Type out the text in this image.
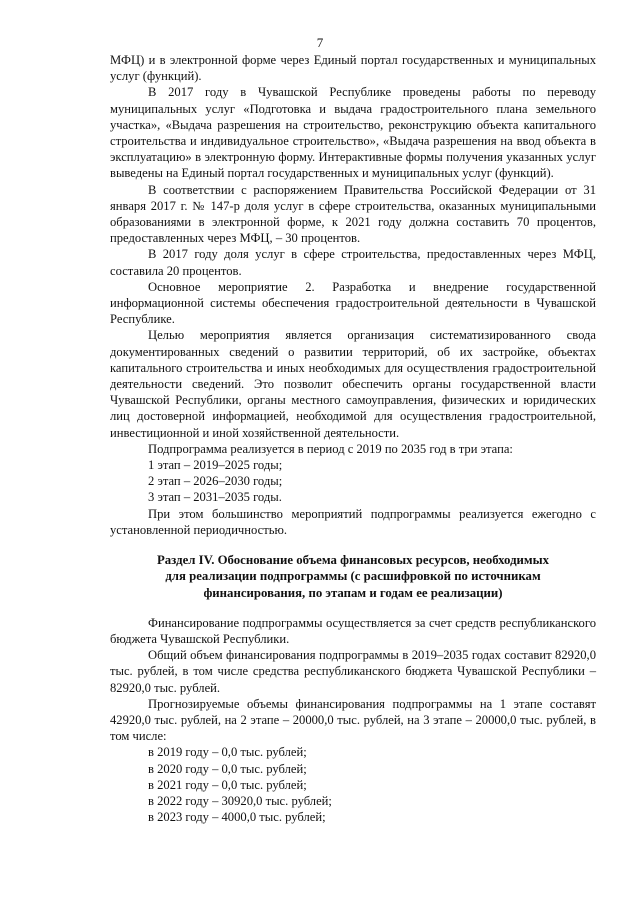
7

МФЦ) и в электронной форме через Единый портал государственных и муниципальных услуг (функций).

В 2017 году в Чувашской Республике проведены работы по переводу муниципальных услуг «Подготовка и выдача градостроительного плана земельного участка», «Выдача разрешения на строительство, реконструкцию объекта капитального строительства и индивидуальное строительство», «Выдача разрешения на ввод объекта в эксплуатацию» в электронную форму. Интерактивные формы получения указанных услуг выведены на Единый портал государственных и муниципальных услуг (функций).

В соответствии с распоряжением Правительства Российской Федерации от 31 января 2017 г. № 147-р доля услуг в сфере строительства, оказанных муниципальными образованиями в электронной форме, к 2021 году должна составить 70 процентов, предоставленных через МФЦ, – 30 процентов.

В 2017 году доля услуг в сфере строительства, предоставленных через МФЦ, составила 20 процентов.

Основное мероприятие 2. Разработка и внедрение государственной информационной системы обеспечения градостроительной деятельности в Чувашской Республике.

Целью мероприятия является организация систематизированного свода документированных сведений о развитии территорий, об их застройке, объектах капитального строительства и иных необходимых для осуществления градостроительной деятельности сведений. Это позволит обеспечить органы государственной власти Чувашской Республики, органы местного самоуправления, физических и юридических лиц достоверной информацией, необходимой для осуществления градостроительной, инвестиционной и иной хозяйственной деятельности.

Подпрограмма реализуется в период с 2019 по 2035 год в три этапа:

1 этап – 2019–2025 годы;
2 этап – 2026–2030 годы;
3 этап – 2031–2035 годы.

При этом большинство мероприятий подпрограммы реализуется ежегодно с установленной периодичностью.

Раздел IV. Обоснование объема финансовых ресурсов, необходимых
для реализации подпрограммы (с расшифровкой по источникам
финансирования, по этапам и годам ее реализации)

Финансирование подпрограммы осуществляется за счет средств республиканского бюджета Чувашской Республики.

Общий объем финансирования подпрограммы в 2019–2035 годах составит 82920,0 тыс. рублей, в том числе средства республиканского бюджета Чувашской Республики – 82920,0 тыс. рублей.

Прогнозируемые объемы финансирования подпрограммы на 1 этапе составят 42920,0 тыс. рублей, на 2 этапе – 20000,0 тыс. рублей, на 3 этапе – 20000,0 тыс. рублей, в том числе:

в 2019 году – 0,0 тыс. рублей;
в 2020 году – 0,0 тыс. рублей;
в 2021 году – 0,0 тыс. рублей;
в 2022 году – 30920,0 тыс. рублей;
в 2023 году – 4000,0 тыс. рублей;
